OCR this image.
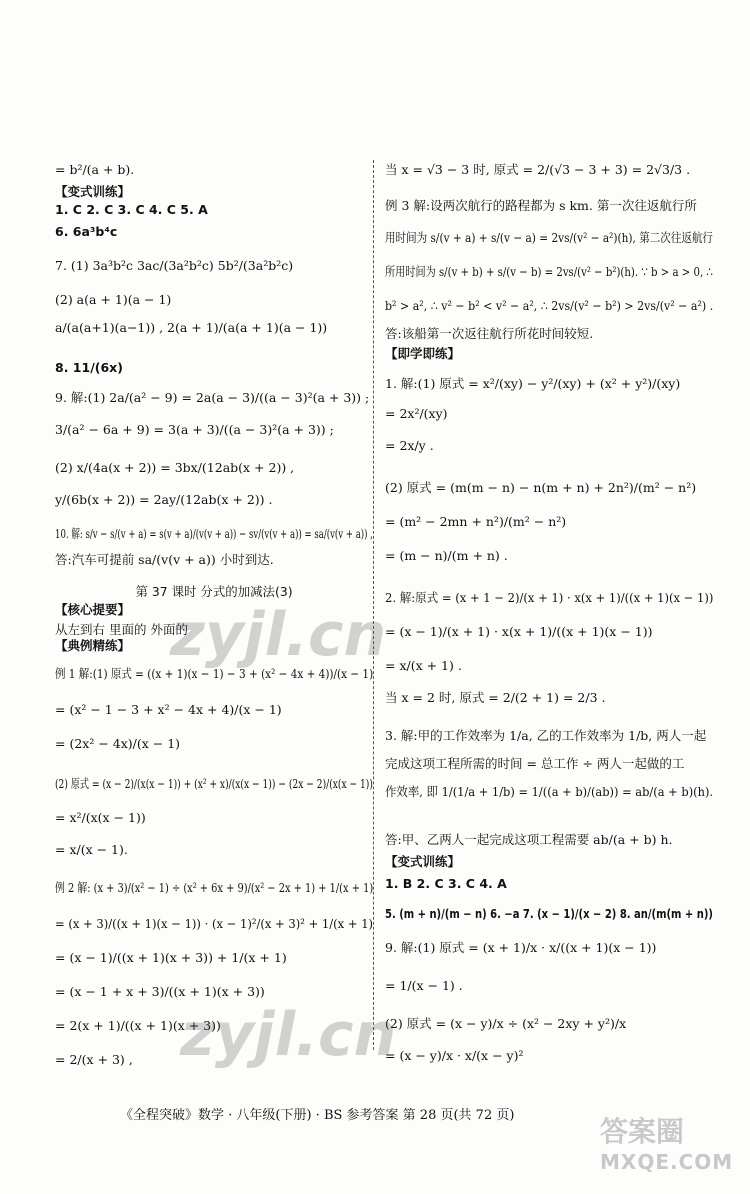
= b²/(a + b).
【变式训练】
1. C 2. C 3. C 4. C 5. A
6. 6a³b⁴c
7. (1) 3a³b²c 3ac/(3a²b²c) 5b²/(3a²b²c)
(2) a(a + 1)(a − 1)
a/(a(a+1)(a−1)) , 2(a + 1)/(a(a + 1)(a − 1))
8. 11/(6x)
9. 解:(1) 2a/(a² − 9) = 2a(a − 3)/((a − 3)²(a + 3)) ;
3/(a² − 6a + 9) = 3(a + 3)/((a − 3)²(a + 3)) ;
(2) x/(4a(x + 2)) = 3bx/(12ab(x + 2)) ,
y/(6b(x + 2)) = 2ay/(12ab(x + 2)) .
10. 解: s/v − s/(v + a) = s(v + a)/(v(v + a)) − sv/(v(v + a)) = sa/(v(v + a)) ,
答:汽车可提前 sa/(v(v + a)) 小时到达.
第 37 课时 分式的加减法(3)
【核心提要】
从左到右 里面的 外面的
【典例精练】
例 1 解:(1) 原式 = ((x + 1)(x − 1) − 3 + (x² − 4x + 4))/(x − 1)
= (x² − 1 − 3 + x² − 4x + 4)/(x − 1)
= (2x² − 4x)/(x − 1)
(2) 原式 = (x − 2)/(x(x − 1)) + (x² + x)/(x(x − 1)) − (2x − 2)/(x(x − 1))
= x²/(x(x − 1))
= x/(x − 1).
例 2 解: (x + 3)/(x² − 1) ÷ (x² + 6x + 9)/(x² − 2x + 1) + 1/(x + 1)
= (x + 3)/((x + 1)(x − 1)) · (x − 1)²/(x + 3)² + 1/(x + 1)
= (x − 1)/((x + 1)(x + 3)) + 1/(x + 1)
= (x − 1 + x + 3)/((x + 1)(x + 3))
= 2(x + 1)/((x + 1)(x + 3))
= 2/(x + 3) ,
当 x = √3 − 3 时, 原式 = 2/(√3 − 3 + 3) = 2√3/3 .
例 3 解:设两次航行的路程都为 s km. 第一次往返航行所
用时间为 s/(v + a) + s/(v − a) = 2vs/(v² − a²)(h), 第二次往返航行
所用时间为 s/(v + b) + s/(v − b) = 2vs/(v² − b²)(h). ∵ b > a > 0, ∴
b² > a², ∴ v² − b² < v² − a², ∴ 2vs/(v² − b²) > 2vs/(v² − a²) .
答:该船第一次返往航行所花时间较短.
【即学即练】
1. 解:(1) 原式 = x²/(xy) − y²/(xy) + (x² + y²)/(xy)
= 2x²/(xy)
= 2x/y .
(2) 原式 = (m(m − n) − n(m + n) + 2n²)/(m² − n²)
= (m² − 2mn + n²)/(m² − n²)
= (m − n)/(m + n) .
2. 解:原式 = (x + 1 − 2)/(x + 1) · x(x + 1)/((x + 1)(x − 1))
= (x − 1)/(x + 1) · x(x + 1)/((x + 1)(x − 1))
= x/(x + 1) .
当 x = 2 时, 原式 = 2/(2 + 1) = 2/3 .
3. 解:甲的工作效率为 1/a, 乙的工作效率为 1/b, 两人一起
完成这项工程所需的时间 = 总工作 ÷ 两人一起做的工
作效率, 即 1/(1/a + 1/b) = 1/((a + b)/(ab)) = ab/(a + b)(h).
答:甲、乙两人一起完成这项工程需要 ab/(a + b) h.
【变式训练】
1. B 2. C 3. C 4. A
5. (m + n)/(m − n) 6. −a 7. (x − 1)/(x − 2) 8. an/(m(m + n))
9. 解:(1) 原式 = (x + 1)/x · x/((x + 1)(x − 1))
= 1/(x − 1) .
(2) 原式 = (x − y)/x ÷ (x² − 2xy + y²)/x
= (x − y)/x · x/(x − y)²
zyjl.cn
zyjl.cn
《全程突破》数学 · 八年级(下册) · BS 参考答案 第 28 页(共 72 页)	答案圈
MXQE.COM
